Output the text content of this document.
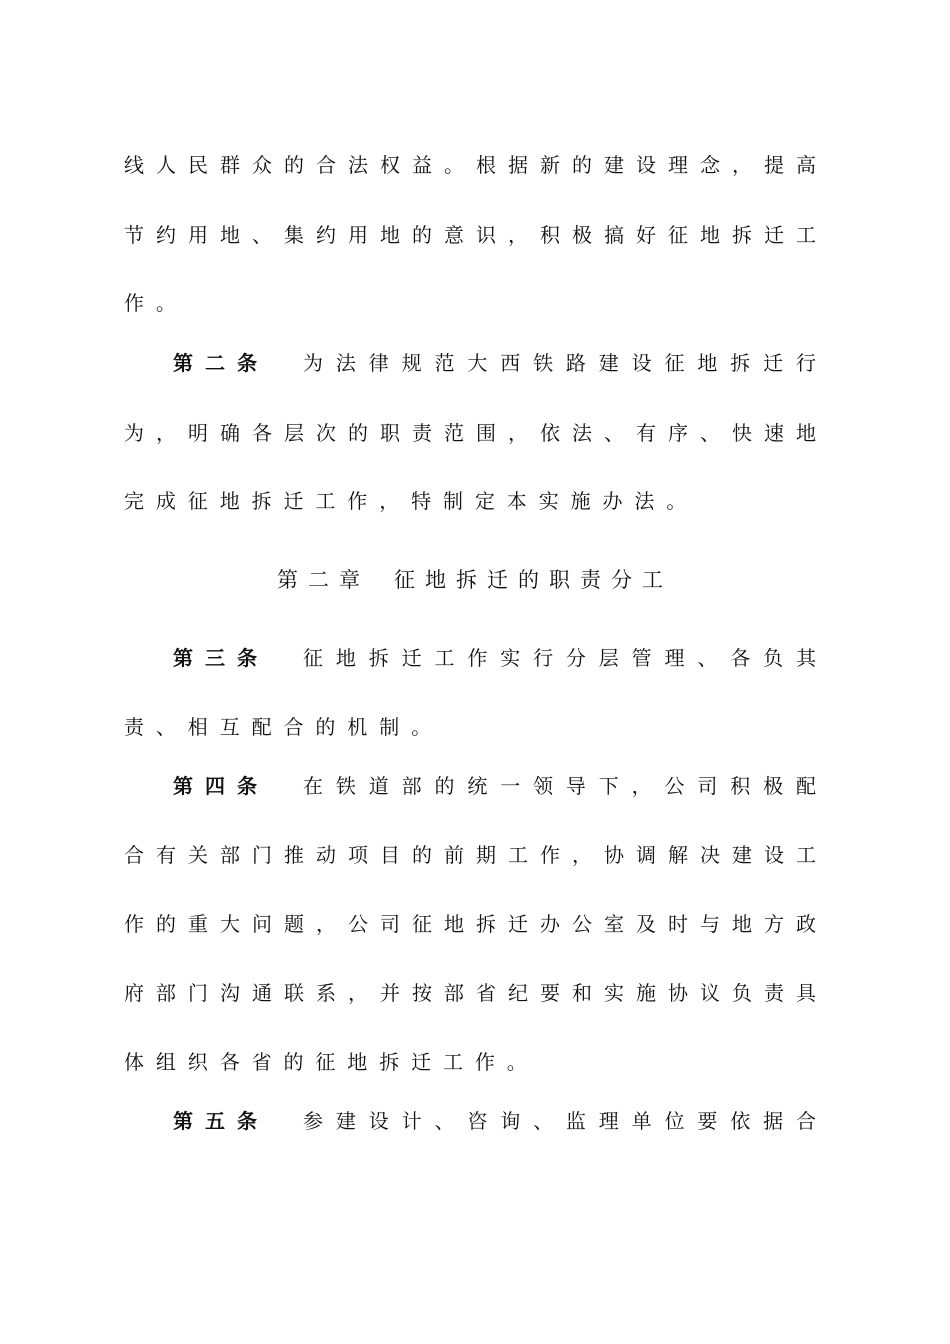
线人民群众的合法权益。根据新的建设理念，提高
节约用地、集约用地的意识，积极搞好征地拆迁工
作。
第二条	为法律规范大西铁路建设征地拆迁行
为，明确各层次的职责范围，依法、有序、快速地
完成征地拆迁工作，特制定本实施办法。
第二章 征地拆迁的职责分工
第三条	征地拆迁工作实行分层管理、各负其
责、相互配合的机制。
第四条	在铁道部的统一领导下，公司积极配
合有关部门推动项目的前期工作，协调解决建设工
作的重大问题，公司征地拆迁办公室及时与地方政
府部门沟通联系，并按部省纪要和实施协议负责具
体组织各省的征地拆迁工作。
第五条	参建设计、咨询、监理单位要依据合
